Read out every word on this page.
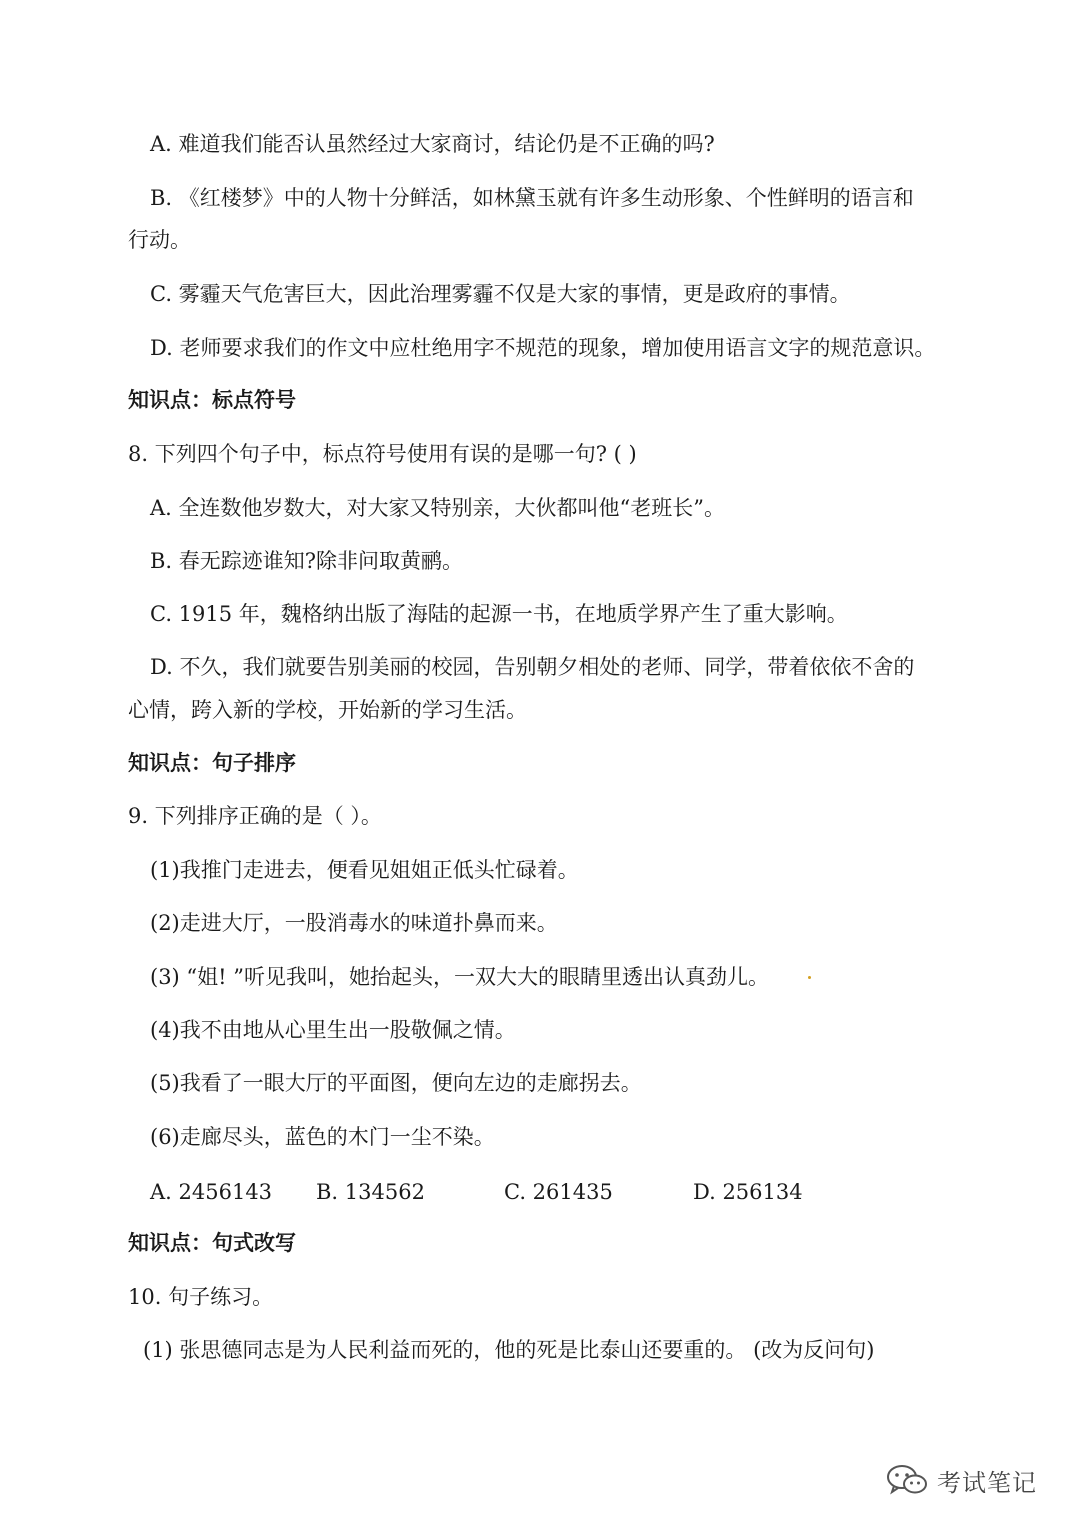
A. 难道我们能否认虽然经过大家商讨，结论仍是不正确的吗?
B. 《红楼梦》中的人物十分鲜活，如林黛玉就有许多生动形象、个性鲜明的语言和
行动。
C. 雾霾天气危害巨大，因此治理雾霾不仅是大家的事情，更是政府的事情。
D. 老师要求我们的作文中应杜绝用字不规范的现象，增加使用语言文字的规范意识。
知识点：标点符号
8. 下列四个句子中，标点符号使用有误的是哪一句? ( )
A. 全连数他岁数大，对大家又特别亲，大伙都叫他“老班长”。
B. 春无踪迹谁知?除非问取黄鹂。
C. 1915 年，魏格纳出版了海陆的起源一书，在地质学界产生了重大影响。
D. 不久，我们就要告别美丽的校园，告别朝夕相处的老师、同学，带着依依不舍的
心情，跨入新的学校，开始新的学习生活。
知识点：句子排序
9. 下列排序正确的是（ ）。
(1)我推门走进去，便看见姐姐正低头忙碌着。
(2)走进大厅，一股消毒水的味道扑鼻而来。
(3) “姐! ”听见我叫，她抬起头，一双大大的眼睛里透出认真劲儿。
(4)我不由地从心里生出一股敬佩之情。
(5)我看了一眼大厅的平面图，便向左边的走廊拐去。
(6)走廊尽头，蓝色的木门一尘不染。
A. 2456143 B. 134562	C. 261435	D. 256134
知识点：句式改写
10. 句子练习。
(1) 张思德同志是为人民利益而死的，他的死是比泰山还要重的。 (改为反问句)
考试笔记
